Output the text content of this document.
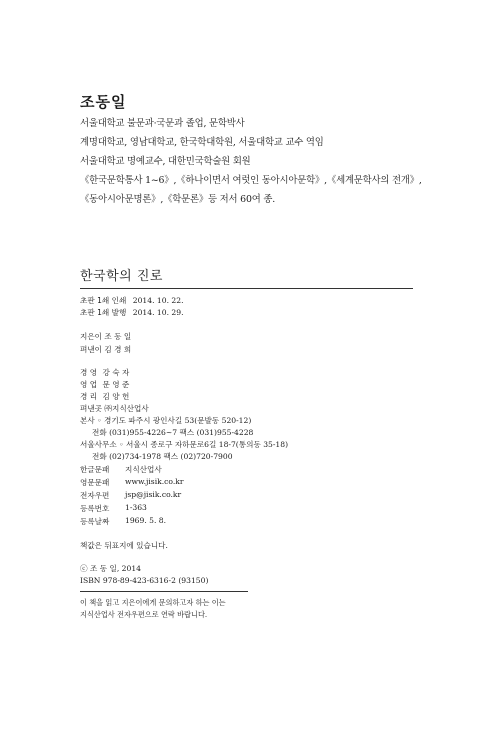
조동일
서울대학교 불문과·국문과 졸업, 문학박사
계명대학교, 영남대학교, 한국학대학원, 서울대학교 교수 역임
서울대학교 명예교수, 대한민국학술원 회원
《한국문학통사 1~6》,《하나이면서 여럿인 동아시아문학》,《세계문학사의 전개》,
《동아시아문명론》,《학문론》등 저서 60여 종.
한국학의 진로
초판 1쇄 인쇄 2014. 10. 22.
초판 1쇄 발행 2014. 10. 29.
지은이 조 동 일
펴낸이 김 경 희
경 영 강 숙 자
영 업 문 영 준
경 리 김 양 헌
펴낸곳 ㈜지식산업사
본사 ◦ 경기도 파주시 광인사길 53(문발동 520-12)
전화 (031)955-4226~7 팩스 (031)955-4228
서울사무소 ◦ 서울시 종로구 자하문로6길 18-7(통의동 35-18)
전화 (02)734-1978 팩스 (02)720-7900
한글문패 지식산업사
영문문패 www.jisik.co.kr
전자우편 jsp@jisik.co.kr
등록번호 1-363
등록날짜 1969. 5. 8.
책값은 뒤표지에 있습니다.
ⓒ 조 동 일, 2014
ISBN 978-89-423-6316-2 (93150)
이 책을 읽고 지은이에게 문의하고자 하는 이는
지식산업사 전자우편으로 연락 바랍니다.
